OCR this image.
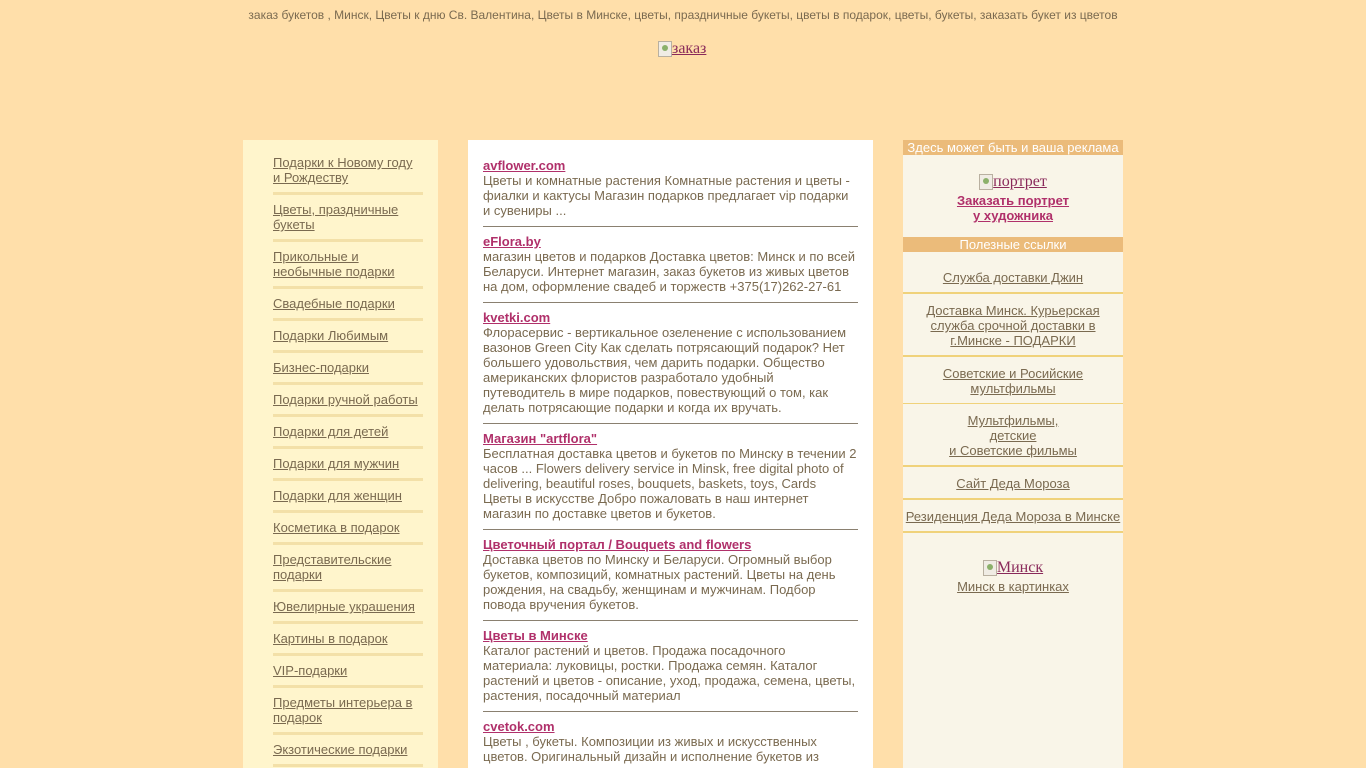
заказ букетов , Минск, Цветы к дню Св. Валентина, Цветы в Минске, цветы, праздничные букеты, цветы в подарок, цветы, букеты, заказать букет из цветов
заказ
Подарки к Новому году и Рождеству
Цветы, праздничные букеты
Прикольные и необычные подарки
Свадебные подарки
Подарки Любимым
Бизнес-подарки
Подарки ручной работы
Подарки для детей
Подарки для мужчин
Подарки для женщин
Косметика в подарок
Представительские подарки
Ювелирные украшения
Картины в подарок
VIP-подарки
Предметы интерьера в подарок
Экзотические подарки
avflower.com
Цветы и комнатные растения Комнатные растения и цветы - фиалки и кактусы Магазин подарков предлагает vip подарки и сувениры ...
eFlora.by
магазин цветов и подарков Доставка цветов: Минск и по всей Беларуси. Интернет магазин, заказ букетов из живых цветов на дом, оформление свадеб и торжеств +375(17)262-27-61
kvetki.com
Флорасервис - вертикальное озеленение с использованием вазонов Green City Как сделать потрясающий подарок? Нет большего удовольствия, чем дарить подарки. Общество американских флористов разработало удобный путеводитель в мире подарков, повествующий о том, как делать потрясающие подарки и когда их вручать.
Магазин "artflora"
Бесплатная доставка цветов и букетов по Минску в течении 2 часов ... Flowers delivery service in Minsk, free digital photo of delivering, beautiful roses, bouquets, baskets, toys, Cards Цветы в искусстве Добро пожаловать в наш интернет магазин по доставке цветов и букетов.
Цветочный портал / Bouquets and flowers
Доставка цветов по Минску и Беларуси. Огромный выбор букетов, композиций, комнатных растений. Цветы на день рождения, на свадьбу, женщинам и мужчинам. Подбор повода вручения букетов.
Цветы в Минске
Каталог растений и цветов. Продажа посадочного материала: луковицы, ростки. Продажа семян. Каталог растений и цветов - описание, уход, продажа, семена, цветы, растения, посадочный материал
cvetok.com
Цветы , букеты. Композиции из живых и искусственных цветов. Оригинальный дизайн и исполнение букетов из
Здесь может быть и ваша реклама
портрет
Заказать портрет
у художника
Полезные ссылки
Служба доставки Джин
Доставка Минск. Курьерская
служба срочной доставки в
г.Минске - ПОДАРКИ
Советские и Росийские
мультфильмы
Мультфильмы,
детские
и Советские фильмы
Сайт Деда Мороза
Резиденция Деда Мороза в Минске
Минск
Минск в картинках
